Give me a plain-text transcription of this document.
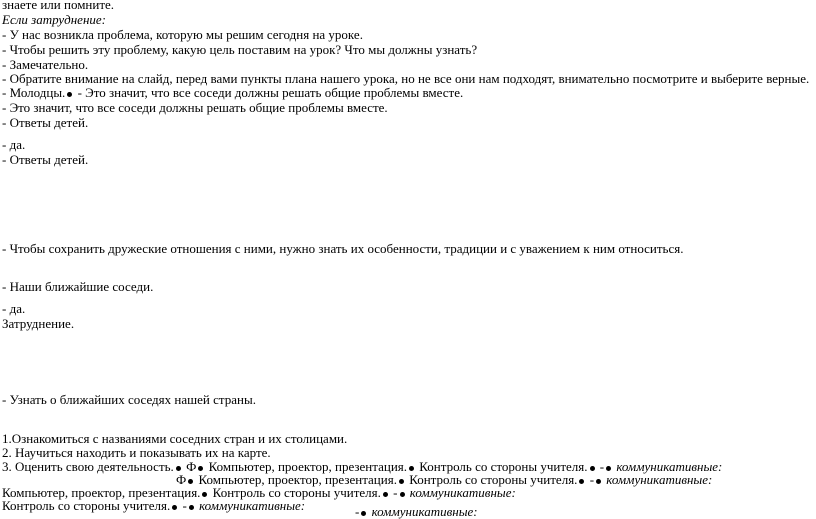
знаете или помните.
Если затруднение:
- У нас возникла проблема, которую мы решим сегодня на уроке.
- Чтобы решить эту проблему, какую цель поставим на урок? Что мы должны узнать?
- Замечательно.
- Обратите внимание на слайд, перед вами пункты плана нашего урока, но не все они нам подходят, внимательно посмотрите и выберите верные.
- Молодцы. - Это значит, что все соседи должны решать общие проблемы вместе.
- Это значит, что все соседи должны решать общие проблемы вместе.
- Ответы детей.
- да.
- Ответы детей.
- Чтобы сохранить дружеские отношения с ними, нужно знать их особенности, традиции и с уважением к ним относиться.
- Наши ближайшие соседи.
- да.
Затруднение.
- Узнать о ближайших соседях нашей страны.
1.Ознакомиться с названиями соседних стран и их столицами.
2. Научиться находить и показывать их на карте.
3. Оценить свою деятельность. Ф Компьютер, проектор, презентация. Контроль со стороны учителя. - коммуникативные:
Ф Компьютер, проектор, презентация. Контроль со стороны учителя. - коммуникативные:
Компьютер, проектор, презентация. Контроль со стороны учителя. - коммуникативные:
Контроль со стороны учителя. - коммуникативные:	- коммуникативные:
